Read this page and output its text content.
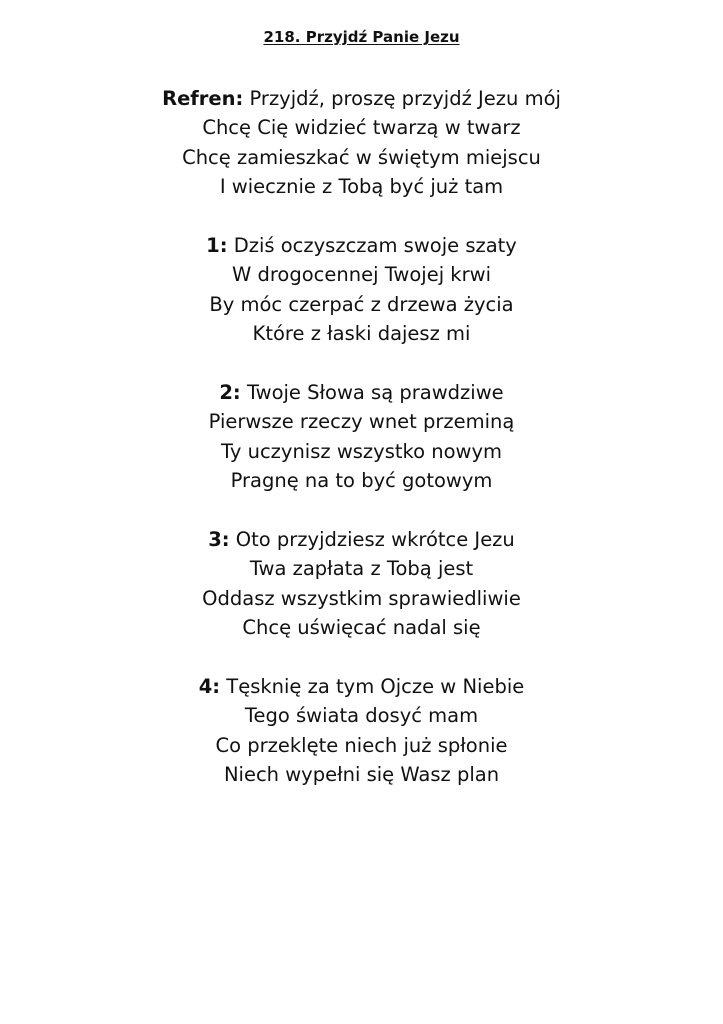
218. Przyjdź Panie Jezu
Refren: Przyjdź, proszę przyjdź Jezu mój
Chcę Cię widzieć twarzą w twarz
Chcę zamieszkać w świętym miejscu
I wiecznie z Tobą być już tam
1: Dziś oczyszczam swoje szaty
W drogocennej Twojej krwi
By móc czerpać z drzewa życia
Które z łaski dajesz mi
2: Twoje Słowa są prawdziwe
Pierwsze rzeczy wnet przeminą
Ty uczynisz wszystko nowym
Pragnę na to być gotowym
3: Oto przyjdziesz wkrótce Jezu
Twa zapłata z Tobą jest
Oddasz wszystkim sprawiedliwie
Chcę uświęcać nadal się
4: Tęsknię za tym Ojcze w Niebie
Tego świata dosyć mam
Co przeklęte niech już spłonie
Niech wypełni się Wasz plan
